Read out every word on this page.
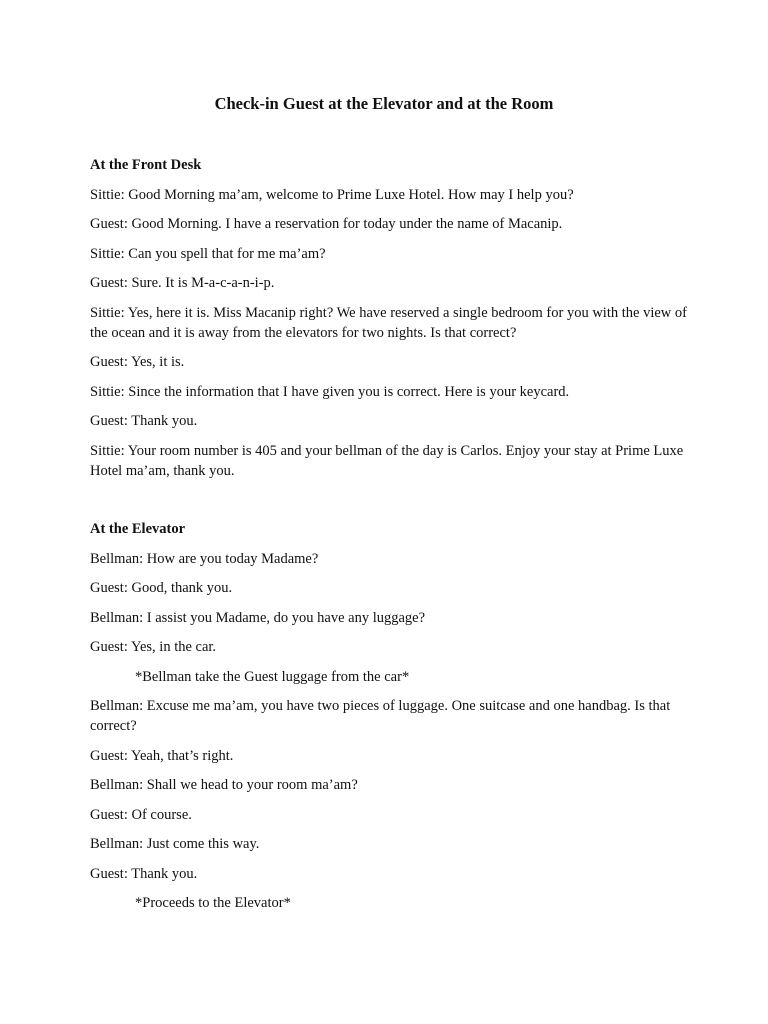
Check-in Guest at the Elevator and at the Room

At the Front Desk

Sittie: Good Morning ma’am, welcome to Prime Luxe Hotel. How may I help you?

Guest: Good Morning. I have a reservation for today under the name of Macanip.

Sittie: Can you spell that for me ma’am?

Guest: Sure. It is M-a-c-a-n-i-p.

Sittie: Yes, here it is. Miss Macanip right? We have reserved a single bedroom for you with the view of the ocean and it is away from the elevators for two nights. Is that correct?

Guest: Yes, it is.

Sittie: Since the information that I have given you is correct. Here is your keycard.

Guest: Thank you.

Sittie: Your room number is 405 and your bellman of the day is Carlos. Enjoy your stay at Prime Luxe Hotel ma’am, thank you.

At the Elevator

Bellman: How are you today Madame?

Guest: Good, thank you.

Bellman: I assist you Madame, do you have any luggage?

Guest: Yes, in the car.

*Bellman take the Guest luggage from the car*

Bellman: Excuse me ma’am, you have two pieces of luggage. One suitcase and one handbag. Is that correct?

Guest: Yeah, that’s right.

Bellman: Shall we head to your room ma’am?

Guest: Of course.

Bellman: Just come this way.

Guest: Thank you.

*Proceeds to the Elevator*
